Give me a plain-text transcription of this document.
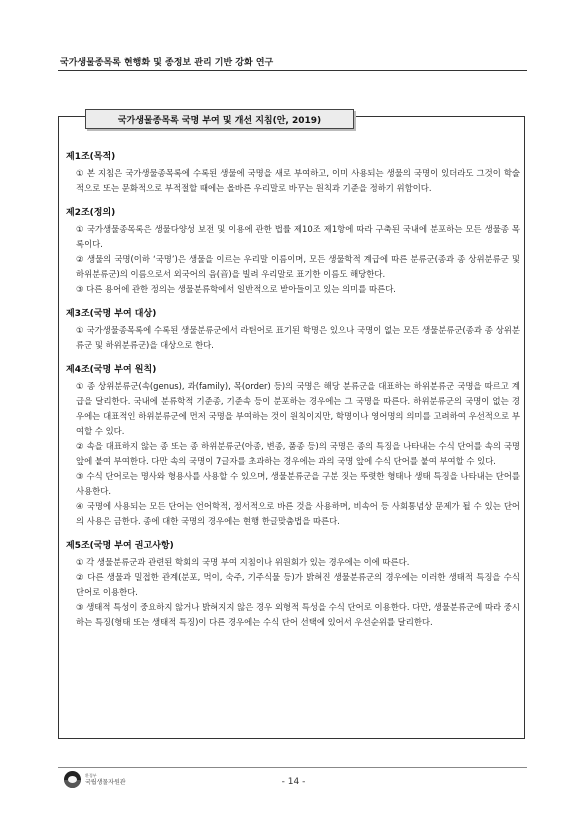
국가생물종목록 현행화 및 종정보 관리 기반 강화 연구
국가생물종목록 국명 부여 및 개선 지침(안, 2019)
제1조(목적)
① 본 지침은 국가생물종목록에 수록된 생물에 국명을 새로 부여하고, 이미 사용되는 생물의 국명이 있더라도 그것이 학술적으로 또는 문화적으로 부적절할 때에는 올바른 우리말로 바꾸는 원칙과 기준을 정하기 위함이다.
제2조(정의)
① 국가생물종목록은 생물다양성 보전 및 이용에 관한 법률 제10조 제1항에 따라 구축된 국내에 분포하는 모든 생물종 목록이다.
② 생물의 국명(이하 ‘국명’)은 생물을 이르는 우리말 이름이며, 모든 생물학적 계급에 따른 분류군(종과 종 상위분류군 및 하위분류군)의 이름으로서 외국어의 음(音)을 빌려 우리말로 표기한 이름도 해당한다.
③ 다른 용어에 관한 정의는 생물분류학에서 일반적으로 받아들이고 있는 의미를 따른다.
제3조(국명 부여 대상)
① 국가생물종목록에 수록된 생물분류군에서 라틴어로 표기된 학명은 있으나 국명이 없는 모든 생물분류군(종과 종 상위분류군 및 하위분류군)을 대상으로 한다.
제4조(국명 부여 원칙)
① 종 상위분류군(속(genus), 과(family), 목(order) 등)의 국명은 해당 분류군을 대표하는 하위분류군 국명을 따르고 계급을 달리한다. 국내에 분류학적 기준종, 기준속 등이 분포하는 경우에는 그 국명을 따른다. 하위분류군의 국명이 없는 경우에는 대표적인 하위분류군에 먼저 국명을 부여하는 것이 원칙이지만, 학명이나 영어명의 의미를 고려하여 우선적으로 부여할 수 있다.
② 속을 대표하지 않는 종 또는 종 하위분류군(아종, 변종, 품종 등)의 국명은 종의 특징을 나타내는 수식 단어를 속의 국명 앞에 붙여 부여한다. 다만 속의 국명이 7글자를 초과하는 경우에는 과의 국명 앞에 수식 단어를 붙여 부여할 수 있다.
③ 수식 단어로는 명사와 형용사를 사용할 수 있으며, 생물분류군을 구분 짓는 뚜렷한 형태나 생태 특징을 나타내는 단어를 사용한다.
④ 국명에 사용되는 모든 단어는 언어학적, 정서적으로 바른 것을 사용하며, 비속어 등 사회통념상 문제가 될 수 있는 단어의 사용은 금한다. 종에 대한 국명의 경우에는 현행 한글맞춤법을 따른다.
제5조(국명 부여 권고사항)
① 각 생물분류군과 관련된 학회의 국명 부여 지침이나 위원회가 있는 경우에는 이에 따른다.
② 다른 생물과 밀접한 관계(분포, 먹이, 숙주, 기주식물 등)가 밝혀진 생물분류군의 경우에는 이러한 생태적 특징을 수식 단어로 이용한다.
③ 생태적 특성이 중요하지 않거나 밝혀지지 않은 경우 외형적 특성을 수식 단어로 이용한다. 다만, 생물분류군에 따라 중시하는 특징(형태 또는 생태적 특징)이 다른 경우에는 수식 단어 선택에 있어서 우선순위를 달리한다.
환경부
국립생물자원관	- 14 -
